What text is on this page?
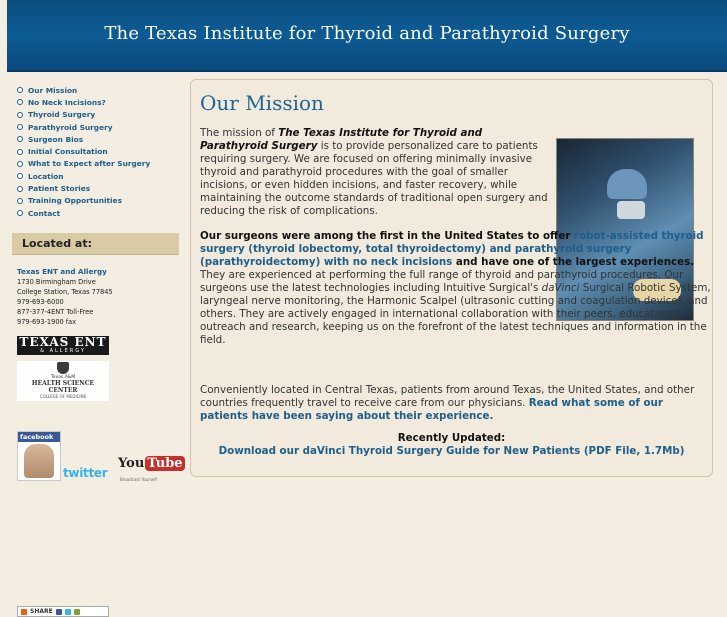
The Texas Institute for Thyroid and Parathyroid Surgery
Our Mission
No Neck Incisions?
Thyroid Surgery
Parathyroid Surgery
Surgeon Bios
Initial Consultation
What to Expect after Surgery
Location
Patient Stories
Training Opportunities
Contact
Located at:
Texas ENT and Allergy
1730 Birmingham Drive
College Station, Texas 77845
979-693-6000
877-377-4ENT Toll-Free
979-693-1900 fax
TEXAS ENT
& ALLERGY
Texas A&M
HEALTH SCIENCE CENTER
COLLEGE OF MEDICINE
facebook
twitter
You Tube
Broadcast Yourself
SHARE
Our Mission

The mission of The Texas Institute for Thyroid and Parathyroid Surgery is to provide personalized care to patients requiring surgery. We are focused on offering minimally invasive thyroid and parathyroid procedures with the goal of smaller incisions, or even hidden incisions, and faster recovery, while maintaining the outcome standards of traditional open surgery and reducing the risk of complications.

Our surgeons were among the first in the United States to offer robot-assisted thyroid surgery (thyroid lobectomy, total thyroidectomy) and parathyroid surgery (parathyroidectomy) with no neck incisions and have one of the largest experiences. They are experienced at performing the full range of thyroid and parathyroid procedures. Our surgeons use the latest technologies including Intuitive Surgical's daVinci Surgical Robotic System, laryngeal nerve monitoring, the Harmonic Scalpel (ultrasonic cutting and coagulation device), and others. They are actively engaged in international collaboration with their peers, educational outreach and research, keeping us on the forefront of the latest techniques and information in the field.

Conveniently located in Central Texas, patients from around Texas, the United States, and other countries frequently travel to receive care from our physicians. Read what some of our patients have been saying about their experience.

Recently Updated:
Download our daVinci Thyroid Surgery Guide for New Patients (PDF File, 1.7Mb)
